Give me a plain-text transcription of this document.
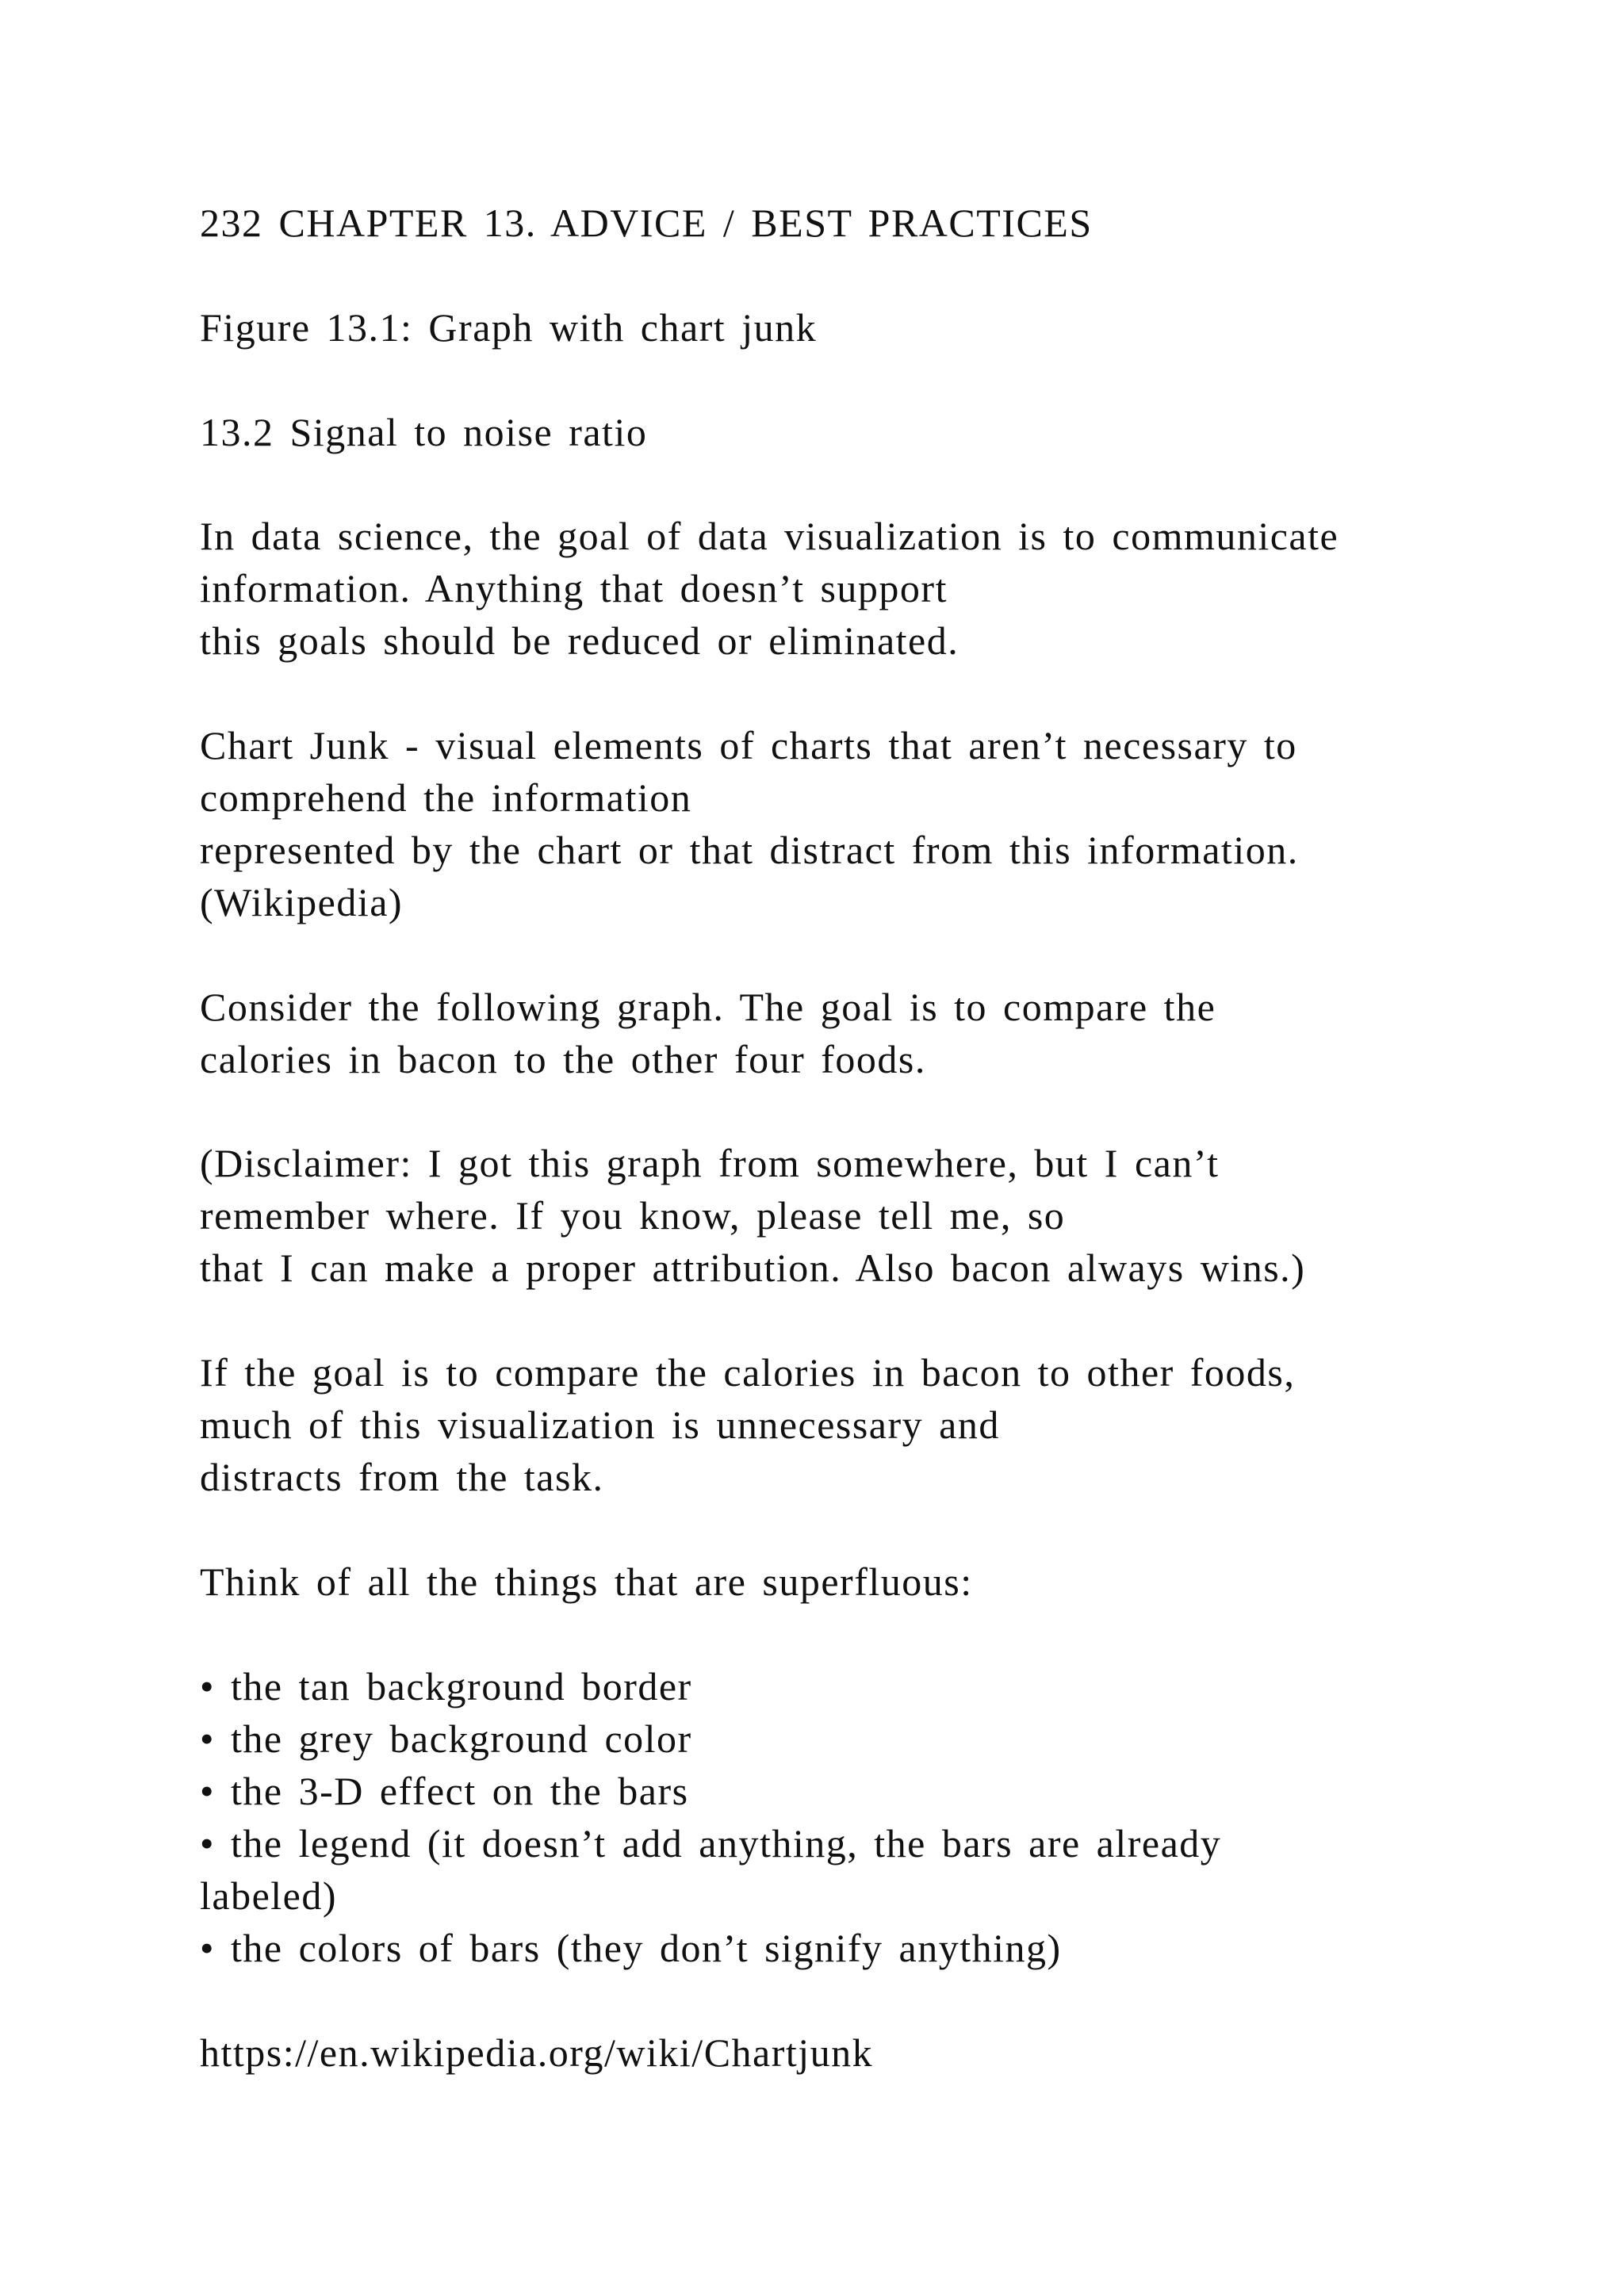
232 CHAPTER 13. ADVICE / BEST PRACTICES

Figure 13.1: Graph with chart junk

13.2 Signal to noise ratio

In data science, the goal of data visualization is to communicate

information. Anything that doesn’t support

this goals should be reduced or eliminated.

Chart Junk - visual elements of charts that aren’t necessary to

comprehend the information

represented by the chart or that distract from this information.

(Wikipedia)

Consider the following graph. The goal is to compare the

calories in bacon to the other four foods.

(Disclaimer: I got this graph from somewhere, but I can’t

remember where. If you know, please tell me, so

that I can make a proper attribution. Also bacon always wins.)

If the goal is to compare the calories in bacon to other foods,

much of this visualization is unnecessary and

distracts from the task.

Think of all the things that are superfluous:

• the tan background border

• the grey background color

• the 3-D effect on the bars

• the legend (it doesn’t add anything, the bars are already

labeled)

• the colors of bars (they don’t signify anything)

https://en.wikipedia.org/wiki/Chartjunk
